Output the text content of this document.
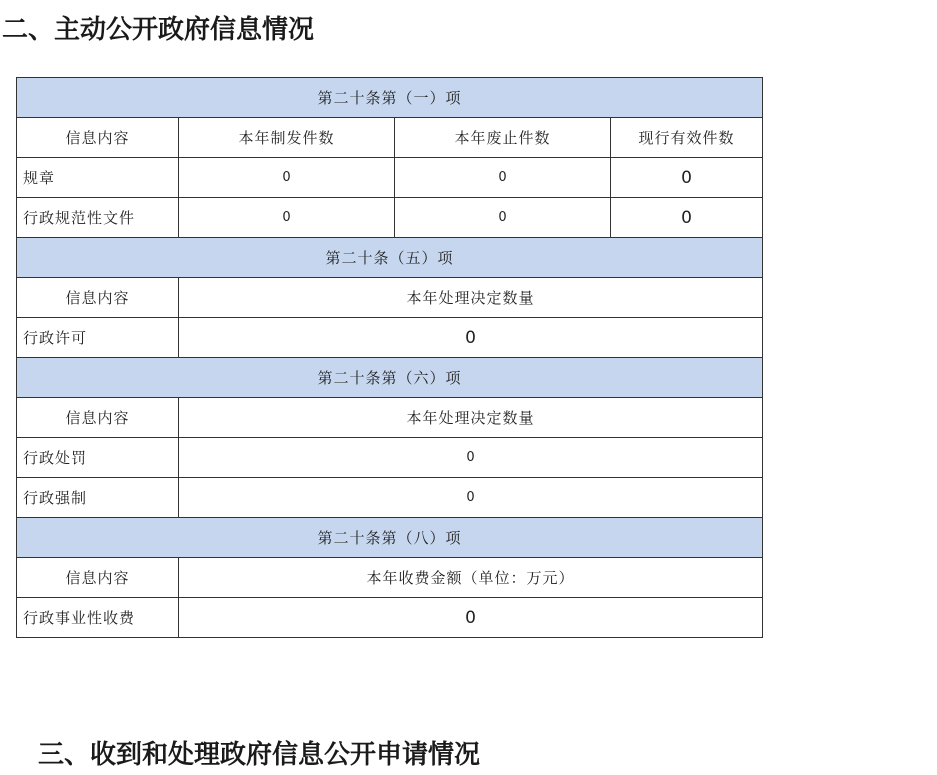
二、主动公开政府信息情况
第二十条第（一）项			
信息内容	本年制发件数	本年废止件数	现行有效件数
规章	0	0	0
行政规范性文件	0	0	0
第二十条（五）项			
信息内容	本年处理决定数量		
行政许可	0		
第二十条第（六）项			
信息内容	本年处理决定数量		
行政处罚	0		
行政强制	0		
第二十条第（八）项			
信息内容	本年收费金额（单位：万元）		
行政事业性收费	0		
三、收到和处理政府信息公开申请情况
